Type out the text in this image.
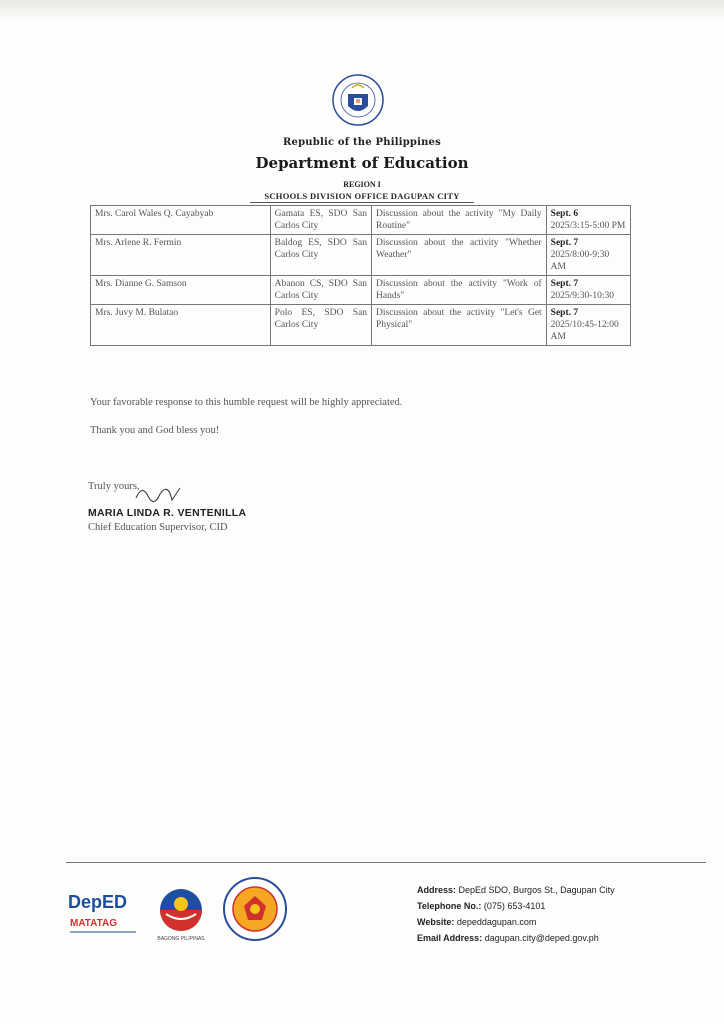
Republic of the Philippines
Department of Education
REGION I
SCHOOLS DIVISION OFFICE DAGUPAN CITY
Mrs. Carol Wales Q. Cayabyab	Gamata ES, SDO San Carlos City	Discussion about the activity "My Daily Routine"	Sept. 6
2025/3:15-5:00 PM
Mrs. Arlene R. Fermin	Baldog ES, SDO San Carlos City	Discussion about the activity "Whether Weather"	Sept. 7
2025/8:00-9:30 AM
Mrs. Dianne G. Samson	Abanon CS, SDO San Carlos City	Discussion about the activity "Work of Hands"	Sept. 7
2025/9:30-10:30
Mrs. Juvy M. Bulatao	Polo ES, SDO San Carlos City	Discussion about the activity "Let's Get Physical"	Sept. 7
2025/10:45-12:00 AM
Your favorable response to this humble request will be highly appreciated.
Thank you and God bless you!
Truly yours,
MARIA LINDA R. VENTENILLA
Chief Education Supervisor, CID
DepED
MATATAG
BAGONG PILIPINAS
Address: DepEd SDO, Burgos St., Dagupan City
Telephone No.: (075) 653-4101
Website: depeddagupan.com
Email Address: dagupan.city@deped.gov.ph
